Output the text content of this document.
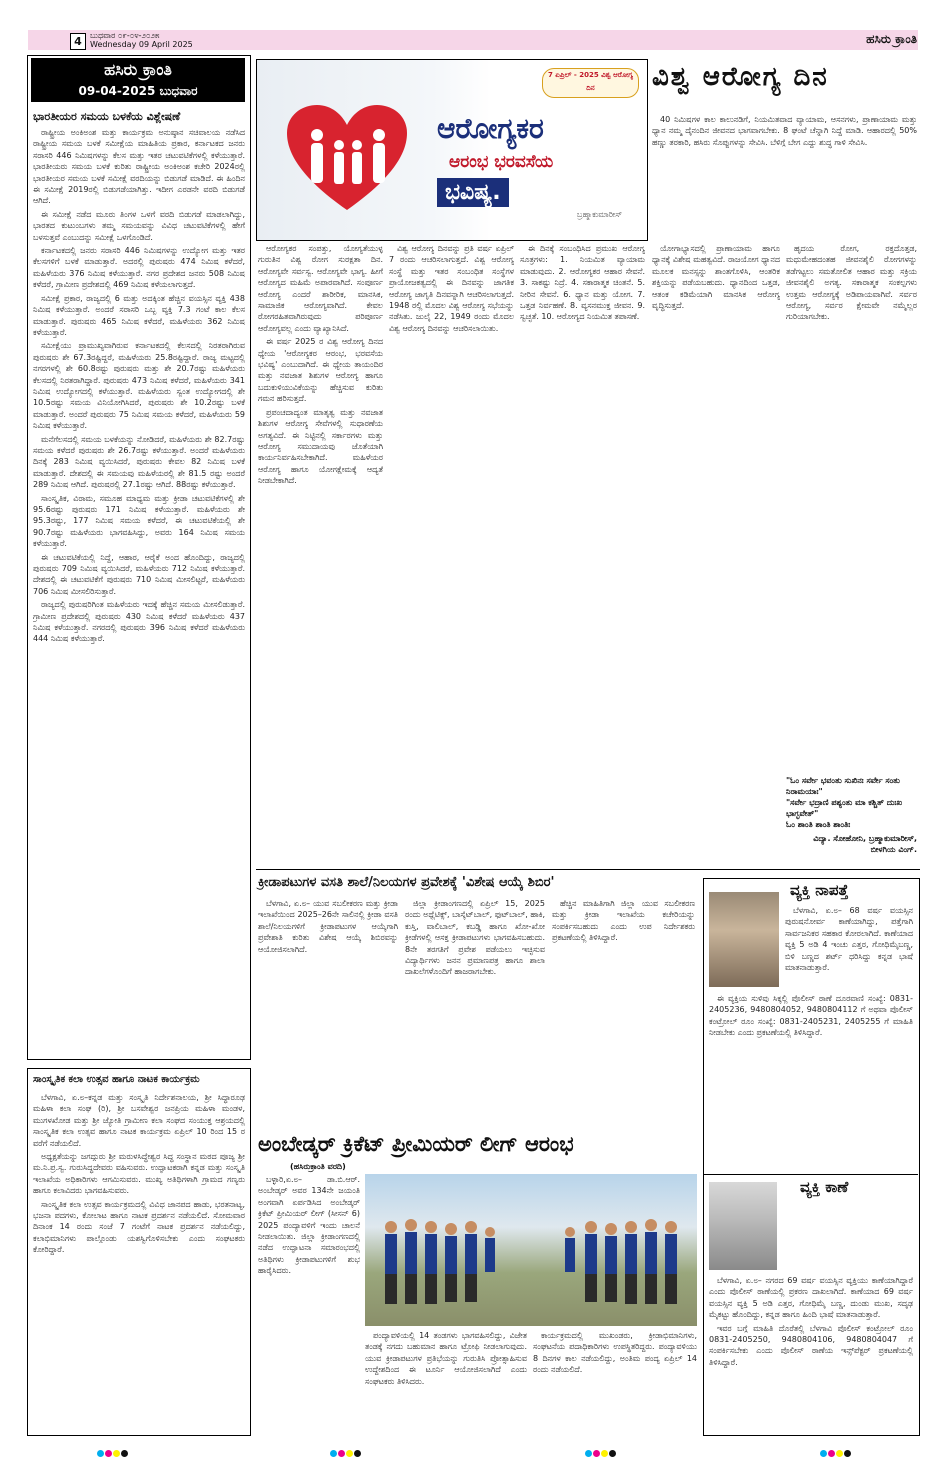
4	ಬುಧವಾರ ೦೯-೦೪-೨೦೨೫
Wednesday 09 April 2025	ಹಸಿರು ಕ್ರಾಂತಿ
ಹಸಿರು ಕ್ರಾಂತಿ
09-04-2025 ಬುಧವಾರ
ಭಾರತೀಯರ ಸಮಯ ಬಳಕೆಯ ವಿಶ್ಲೇಷಣೆ

ರಾಷ್ಟ್ರೀಯ ಅಂಕಿಅಂಶ ಮತ್ತು ಕಾರ್ಯಕ್ರಮ ಅನುಷ್ಠಾನ ಸಚಿವಾಲಯ ನಡೆಸಿದ ರಾಷ್ಟ್ರೀಯ ಸಮಯ ಬಳಕೆ ಸಮೀಕ್ಷೆಯ ಮಾಹಿತಿಯ ಪ್ರಕಾರ, ಕರ್ನಾಟಕದ ಜನರು ಸರಾಸರಿ 446 ನಿಮಿಷಗಳನ್ನು ಕೆಲಸ ಮತ್ತು ಇತರ ಚಟುವಟಿಕೆಗಳಲ್ಲಿ ಕಳೆಯುತ್ತಾರೆ. ಭಾರತೀಯರು ಸಮಯ ಬಳಕೆ ಕುರಿತು ರಾಷ್ಟ್ರೀಯ ಅಂಕಿಅಂಶ ಕಚೇರಿ 2024ರಲ್ಲಿ ಭಾರತೀಯರ ಸಮಯ ಬಳಕೆ ಸಮೀಕ್ಷೆ ವರದಿಯನ್ನು ಬಿಡುಗಡೆ ಮಾಡಿದೆ. ಈ ಹಿಂದಿನ ಈ ಸಮೀಕ್ಷೆ 2019ರಲ್ಲಿ ಬಿಡುಗಡೆಯಾಗಿತ್ತು. ಇದೀಗ ಎರಡನೇ ವರದಿ ಬಿಡುಗಡೆ ಆಗಿದೆ.

ಈ ಸಮೀಕ್ಷೆ ನಡೆದ ಮೂರು ತಿಂಗಳ ಒಳಗೆ ವರದಿ ಬಿಡುಗಡೆ ಮಾಡಲಾಗಿದ್ದು, ಭಾರತದ ಕುಟುಂಬಗಳು ತಮ್ಮ ಸಮಯವನ್ನು ವಿವಿಧ ಚಟುವಟಿಕೆಗಳಲ್ಲಿ ಹೇಗೆ ಬಳಸುತ್ತವೆ ಎಂಬುದನ್ನು ಸಮೀಕ್ಷೆ ಒಳಗೊಂಡಿದೆ.

ಕರ್ನಾಟಕದಲ್ಲಿ ಜನರು ಸರಾಸರಿ 446 ನಿಮಿಷಗಳನ್ನು ಉದ್ಯೋಗ ಮತ್ತು ಇತರ ಕೆಲಸಗಳಿಗೆ ಬಳಕೆ ಮಾಡುತ್ತಾರೆ. ಅದರಲ್ಲಿ ಪುರುಷರು 474 ನಿಮಿಷ ಕಳೆದರೆ, ಮಹಿಳೆಯರು 376 ನಿಮಿಷ ಕಳೆಯುತ್ತಾರೆ. ನಗರ ಪ್ರದೇಶದ ಜನರು 508 ನಿಮಿಷ ಕಳೆದರೆ, ಗ್ರಾಮೀಣ ಪ್ರದೇಶದಲ್ಲಿ 469 ನಿಮಿಷ ಕಳೆಯಲಾಗುತ್ತದೆ.

ಸಮೀಕ್ಷೆ ಪ್ರಕಾರ, ರಾಜ್ಯದಲ್ಲಿ 6 ಮತ್ತು ಅದಕ್ಕಿಂತ ಹೆಚ್ಚಿನ ವಯಸ್ಸಿನ ವ್ಯಕ್ತಿ 438 ನಿಮಿಷ ಕಳೆಯುತ್ತಾರೆ. ಅಂದರೆ ಸರಾಸರಿ ಒಬ್ಬ ವ್ಯಕ್ತಿ 7.3 ಗಂಟೆ ಕಾಲ ಕೆಲಸ ಮಾಡುತ್ತಾರೆ. ಪುರುಷರು 465 ನಿಮಿಷ ಕಳೆದರೆ, ಮಹಿಳೆಯರು 362 ನಿಮಿಷ ಕಳೆಯುತ್ತಾರೆ.

ಸಮೀಕ್ಷೆಯು ಪ್ರಾಮುಖ್ಯವಾಗಿರುವ ಕರ್ನಾಟಕದಲ್ಲಿ ಕೆಲಸದಲ್ಲಿ ನಿರತರಾಗಿರುವ ಪುರುಷರು ಶೇ 67.3ರಷ್ಟಿದ್ದರೆ, ಮಹಿಳೆಯರು 25.8ರಷ್ಟಿದ್ದಾರೆ. ರಾಜ್ಯ ಮಟ್ಟದಲ್ಲಿ ನಗರಗಳಲ್ಲಿ ಶೇ 60.8ರಷ್ಟು ಪುರುಷರು ಮತ್ತು ಶೇ 20.7ರಷ್ಟು ಮಹಿಳೆಯರು ಕೆಲಸದಲ್ಲಿ ನಿರತರಾಗಿದ್ದಾರೆ. ಪುರುಷರು 473 ನಿಮಿಷ ಕಳೆದರೆ, ಮಹಿಳೆಯರು 341 ನಿಮಿಷ ಉದ್ಯೋಗದಲ್ಲಿ ಕಳೆಯುತ್ತಾರೆ. ಮಹಿಳೆಯರು ಸ್ವಂತ ಉದ್ಯೋಗದಲ್ಲಿ ಶೇ 10.5ರಷ್ಟು ಸಮಯ ವಿನಿಯೋಗಿಸಿದರೆ, ಪುರುಷರು ಶೇ 10.2ರಷ್ಟು ಬಳಕೆ ಮಾಡುತ್ತಾರೆ. ಅಂದರೆ ಪುರುಷರು 75 ನಿಮಿಷ ಸಮಯ ಕಳೆದರೆ, ಮಹಿಳೆಯರು 59 ನಿಮಿಷ ಕಳೆಯುತ್ತಾರೆ.

ಮನೆಗೆಲಸದಲ್ಲಿ ಸಮಯ ಬಳಕೆಯನ್ನು ನೋಡಿದರೆ, ಮಹಿಳೆಯರು ಶೇ 82.7ರಷ್ಟು ಸಮಯ ಕಳೆದರೆ ಪುರುಷರು ಶೇ 26.7ರಷ್ಟು ಕಳೆಯುತ್ತಾರೆ. ಅಂದರೆ ಮಹಿಳೆಯರು ದಿನಕ್ಕೆ 283 ನಿಮಿಷ ವ್ಯಯಿಸಿದರೆ, ಪುರುಷರು ಕೇವಲ 82 ನಿಮಿಷ ಬಳಕೆ ಮಾಡುತ್ತಾರೆ. ದೇಶದಲ್ಲಿ ಈ ಸಮಯವು ಮಹಿಳೆಯರಲ್ಲಿ ಶೇ 81.5 ರಷ್ಟು ಅಂದರೆ 289 ನಿಮಿಷ ಆಗಿದೆ. ಪುರುಷರಲ್ಲಿ 27.1ರಷ್ಟು ಆಗಿದೆ. 88ರಷ್ಟು ಕಳೆಯುತ್ತಾರೆ.

ಸಾಂಸ್ಕೃತಿಕ, ವಿರಾಮ, ಸಮೂಹ ಮಾಧ್ಯಮ ಮತ್ತು ಕ್ರೀಡಾ ಚಟುವಟಿಕೆಗಳಲ್ಲಿ ಶೇ 95.6ರಷ್ಟು ಪುರುಷರು 171 ನಿಮಿಷ ಕಳೆಯುತ್ತಾರೆ. ಮಹಿಳೆಯರು ಶೇ 95.3ರಷ್ಟು, 177 ನಿಮಿಷ ಸಮಯ ಕಳೆದರೆ, ಈ ಚಟುವಟಿಕೆಯಲ್ಲಿ ಶೇ 90.7ರಷ್ಟು ಮಹಿಳೆಯರು ಭಾಗವಹಿಸಿದ್ದು, ಅವರು 164 ನಿಮಿಷ ಸಮಯ ಕಳೆಯುತ್ತಾರೆ.

ಈ ಚಟುವಟಿಕೆಯಲ್ಲಿ ನಿದ್ದೆ, ಆಹಾರ, ಆರೈಕೆ ಅಂದ ಹೊಂದಿದ್ದು, ರಾಜ್ಯದಲ್ಲಿ ಪುರುಷರು 709 ನಿಮಿಷ ವ್ಯಯಿಸಿದರೆ, ಮಹಿಳೆಯರು 712 ನಿಮಿಷ ಕಳೆಯುತ್ತಾರೆ. ದೇಶದಲ್ಲಿ ಈ ಚಟುವಟಿಕೆಗೆ ಪುರುಷರು 710 ನಿಮಿಷ ಮೀಸಲಿಟ್ಟರೆ, ಮಹಿಳೆಯರು 706 ನಿಮಿಷ ಮೀಸಲಿರಿಸುತ್ತಾರೆ.

ರಾಜ್ಯದಲ್ಲಿ ಪುರುಷರಿಗಿಂತ ಮಹಿಳೆಯರು ಇದಕ್ಕೆ ಹೆಚ್ಚಿನ ಸಮಯ ಮೀಸಲಿಡುತ್ತಾರೆ. ಗ್ರಾಮೀಣ ಪ್ರದೇಶದಲ್ಲಿ ಪುರುಷರು 430 ನಿಮಿಷ ಕಳೆದರೆ ಮಹಿಳೆಯರು 437 ನಿಮಿಷ ಕಳೆಯುತ್ತಾರೆ. ನಗರದಲ್ಲಿ ಪುರುಷರು 396 ನಿಮಿಷ ಕಳೆದರೆ ಮಹಿಳೆಯರು 444 ನಿಮಿಷ ಕಳೆಯುತ್ತಾರೆ.

ಸಾಂಸ್ಕೃತಿಕ ಕಲಾ ಉತ್ಸವ ಹಾಗೂ ನಾಟಕ ಕಾರ್ಯಕ್ರಮ

ಬೆಳಗಾವಿ, ಏ.೮–ಕನ್ನಡ ಮತ್ತು ಸಂಸ್ಕೃತಿ ನಿರ್ದೇಶನಾಲಯ, ಶ್ರೀ ಸಿದ್ಧಾರೂಢ ಮಹಿಳಾ ಕಲಾ ಸಂಘ (ರಿ), ಶ್ರೀ ಬಸವೇಶ್ವರ ಜನಪ್ರಿಯ ಮಹಿಳಾ ಮಂಡಳ, ಮುಗಳಖೋಡ ಮತ್ತು ಶ್ರೀ ಜ್ಯೋತಿ ಗ್ರಾಮೀಣ ಕಲಾ ಸಂಘದ ಸಂಯುಕ್ತ ಆಶ್ರಯದಲ್ಲಿ ಸಾಂಸ್ಕೃತಿಕ ಕಲಾ ಉತ್ಸವ ಹಾಗೂ ನಾಟಕ ಕಾರ್ಯಕ್ರಮ ಏಪ್ರಿಲ್ 10 ರಿಂದ 15 ರ ವರೆಗೆ ನಡೆಯಲಿದೆ.

ಅಧ್ಯಕ್ಷತೆಯನ್ನು ಜಗದ್ಗುರು ಶ್ರೀ ಮರುಳಸಿದ್ಧೇಶ್ವರ ಸಿದ್ಧ ಸಂಸ್ಥಾನ ಮಠದ ಪೂಜ್ಯ ಶ್ರೀ ಮ.ನಿ.ಪ್ರ.ಸ್ವ. ಗುರುಸಿದ್ಧದೇವರು ವಹಿಸುವರು. ಉದ್ಘಾಟಕರಾಗಿ ಕನ್ನಡ ಮತ್ತು ಸಂಸ್ಕೃತಿ ಇಲಾಖೆಯ ಅಧಿಕಾರಿಗಳು ಆಗಮಿಸುವರು. ಮುಖ್ಯ ಅತಿಥಿಗಳಾಗಿ ಗ್ರಾಮದ ಗಣ್ಯರು ಹಾಗೂ ಕಲಾವಿದರು ಭಾಗವಹಿಸುವರು.

ಸಾಂಸ್ಕೃತಿಕ ಕಲಾ ಉತ್ಸವ ಕಾರ್ಯಕ್ರಮದಲ್ಲಿ ವಿವಿಧ ಜಾನಪದ ಹಾಡು, ಭರತನಾಟ್ಯ, ಭಜನಾ ಪದಗಳು, ಕೋಲಾಟ ಹಾಗೂ ನಾಟಕ ಪ್ರದರ್ಶನ ನಡೆಯಲಿದೆ. ಸೋಮವಾರ ದಿನಾಂಕ 14 ರಂದು ಸಂಜೆ 7 ಗಂಟೆಗೆ ನಾಟಕ ಪ್ರದರ್ಶನ ನಡೆಯಲಿದ್ದು, ಕಲಾಭಿಮಾನಿಗಳು ಪಾಲ್ಗೊಂಡು ಯಶಸ್ವಿಗೊಳಿಸಬೇಕು ಎಂದು ಸಂಘಟಕರು ಕೋರಿದ್ದಾರೆ.

7 ಏಪ್ರಿಲ್ - 2025 ವಿಶ್ವ ಆರೋಗ್ಯ ದಿನ
ಆರೋಗ್ಯಕರ
ಆರಂಭ ಭರವಸೆಯ
ಭವಿಷ್ಯ.
ಬ್ರಹ್ಮಾಕುಮಾರೀಸ್
ವಿಶ್ವ ಆರೋಗ್ಯ ದಿನ

40 ನಿಮಿಷಗಳ ಕಾಲ ಕಾಲುನಡಿಗೆ, ನಿಯಮಿತವಾದ ವ್ಯಾಯಾಮ, ಆಸನಗಳು, ಪ್ರಾಣಾಯಾಮ ಮತ್ತು ಧ್ಯಾನ ನಮ್ಮ ದೈನಂದಿನ ಜೀವನದ ಭಾಗವಾಗಬೇಕು. 8 ಘಂಟೆ ಚೆನ್ನಾಗಿ ನಿದ್ದೆ ಮಾಡಿ. ಆಹಾರದಲ್ಲಿ 50% ಹಣ್ಣು ತರಕಾರಿ, ಹಸಿರು ಸೊಪ್ಪುಗಳನ್ನು ಸೇವಿಸಿ. ಬೆಳಿಗ್ಗೆ ಬೇಗ ಎದ್ದು ಶುದ್ಧ ಗಾಳಿ ಸೇವಿಸಿ.

ಆರೋಗ್ಯಕರ ಸಂಪತ್ತು, ಯೋಗ್ಯತೆಯುಳ್ಳ ಗುರುತಿನ ವಿಶ್ವ ರೋಗ ಸುರಕ್ಷತಾ ದಿನ. ಆರೋಗ್ಯವೇ ಸರ್ವಸ್ವ. ಆರೋಗ್ಯವೇ ಭಾಗ್ಯ. ಹೀಗೆ ಆರೋಗ್ಯದ ಮಹಿಮೆ ಅಪಾರವಾಗಿದೆ. ಸಂಪೂರ್ಣ ಆರೋಗ್ಯ ಎಂದರೆ ಶಾರೀರಿಕ, ಮಾನಸಿಕ, ಸಾಮಾಜಿಕ ಆರೋಗ್ಯವಾಗಿದೆ. ಕೇವಲ ರೋಗರಹಿತವಾಗಿರುವುದು ಪರಿಪೂರ್ಣ ಆರೋಗ್ಯವಲ್ಲ ಎಂದು ವ್ಯಾಖ್ಯಾನಿಸಿದೆ.

ಈ ವರ್ಷ 2025 ರ ವಿಶ್ವ ಆರೋಗ್ಯ ದಿನದ ಧ್ಯೇಯ 'ಆರೋಗ್ಯಕರ ಆರಂಭ, ಭರವಸೆಯ ಭವಿಷ್ಯ' ಎಂಬುದಾಗಿದೆ. ಈ ಧ್ಯೇಯ ತಾಯಂದಿರ ಮತ್ತು ನವಜಾತ ಶಿಶುಗಳ ಆರೋಗ್ಯ ಹಾಗೂ ಬದುಕುಳಿಯುವಿಕೆಯನ್ನು ಹೆಚ್ಚಿಸುವ ಕುರಿತು ಗಮನ ಹರಿಸುತ್ತದೆ.

ಪ್ರಪಂಚದಾದ್ಯಂತ ಮಾತೃತ್ವ ಮತ್ತು ನವಜಾತ ಶಿಶುಗಳ ಆರೋಗ್ಯ ಸೇವೆಗಳಲ್ಲಿ ಸುಧಾರಣೆಯ ಅಗತ್ಯವಿದೆ. ಈ ನಿಟ್ಟಿನಲ್ಲಿ ಸರ್ಕಾರಗಳು ಮತ್ತು ಆರೋಗ್ಯ ಸಮುದಾಯವು ಜೊತೆಯಾಗಿ ಕಾರ್ಯನಿರ್ವಹಿಸಬೇಕಾಗಿದೆ. ಮಹಿಳೆಯರ ಆರೋಗ್ಯ ಹಾಗೂ ಯೋಗಕ್ಷೇಮಕ್ಕೆ ಆದ್ಯತೆ ನೀಡಬೇಕಾಗಿದೆ.

ವಿಶ್ವ ಆರೋಗ್ಯ ದಿನವನ್ನು ಪ್ರತಿ ವರ್ಷ ಏಪ್ರಿಲ್ 7 ರಂದು ಆಚರಿಸಲಾಗುತ್ತದೆ. ವಿಶ್ವ ಆರೋಗ್ಯ ಸಂಸ್ಥೆ ಮತ್ತು ಇತರ ಸಂಬಂಧಿತ ಸಂಸ್ಥೆಗಳ ಪ್ರಾಯೋಜಕತ್ವದಲ್ಲಿ ಈ ದಿನವನ್ನು ಜಾಗತಿಕ ಆರೋಗ್ಯ ಜಾಗೃತಿ ದಿನವನ್ನಾಗಿ ಆಚರಿಸಲಾಗುತ್ತದೆ. 1948 ರಲ್ಲಿ ಮೊದಲ ವಿಶ್ವ ಆರೋಗ್ಯ ಸಭೆಯನ್ನು ನಡೆಸಿತು. ಜುಲೈ 22, 1949 ರಂದು ಮೊದಲ ವಿಶ್ವ ಆರೋಗ್ಯ ದಿನವನ್ನು ಆಚರಿಸಲಾಯಿತು.

ಈ ದಿನಕ್ಕೆ ಸಂಬಂಧಿಸಿದ ಪ್ರಮುಖ ಆರೋಗ್ಯ ಸೂತ್ರಗಳು: 1. ನಿಯಮಿತ ವ್ಯಾಯಾಮ ಮಾಡುವುದು. 2. ಆರೋಗ್ಯಕರ ಆಹಾರ ಸೇವನೆ. 3. ಸಾಕಷ್ಟು ನಿದ್ರೆ. 4. ಸಕಾರಾತ್ಮಕ ಚಿಂತನೆ. 5. ನೀರಿನ ಸೇವನೆ. 6. ಧ್ಯಾನ ಮತ್ತು ಯೋಗ. 7. ಒತ್ತಡ ನಿರ್ವಹಣೆ. 8. ವ್ಯಸನಮುಕ್ತ ಜೀವನ. 9. ಸ್ವಚ್ಛತೆ. 10. ಆರೋಗ್ಯದ ನಿಯಮಿತ ತಪಾಸಣೆ.

ಯೋಗಾಭ್ಯಾಸದಲ್ಲಿ ಪ್ರಾಣಾಯಾಮ ಹಾಗೂ ಧ್ಯಾನಕ್ಕೆ ವಿಶೇಷ ಮಹತ್ವವಿದೆ. ರಾಜಯೋಗ ಧ್ಯಾನದ ಮೂಲಕ ಮನಸ್ಸನ್ನು ಶಾಂತಗೊಳಿಸಿ, ಆಂತರಿಕ ಶಕ್ತಿಯನ್ನು ಪಡೆಯಬಹುದು. ಧ್ಯಾನದಿಂದ ಒತ್ತಡ, ಆತಂಕ ಕಡಿಮೆಯಾಗಿ ಮಾನಸಿಕ ಆರೋಗ್ಯ ವೃದ್ಧಿಸುತ್ತದೆ.

ಹೃದಯ ರೋಗ, ರಕ್ತದೊತ್ತಡ, ಮಧುಮೇಹದಂತಹ ಜೀವನಶೈಲಿ ರೋಗಗಳನ್ನು ತಡೆಗಟ್ಟಲು ಸಮತೋಲಿತ ಆಹಾರ ಮತ್ತು ಸಕ್ರಿಯ ಜೀವನಶೈಲಿ ಅಗತ್ಯ. ಸಕಾರಾತ್ಮಕ ಸಂಕಲ್ಪಗಳು ಉತ್ತಮ ಆರೋಗ್ಯಕ್ಕೆ ಅಡಿಪಾಯವಾಗಿವೆ. ಸರ್ವರ ಆರೋಗ್ಯ, ಸರ್ವರ ಕ್ಷೇಮವೇ ನಮ್ಮೆಲ್ಲರ ಗುರಿಯಾಗಬೇಕು.

"ಓಂ ಸರ್ವೇ ಭವಂತು ಸುಖಿನಃ ಸರ್ವೇ ಸಂತು ನಿರಾಮಯಾಃ"
"ಸರ್ವೇ ಭದ್ರಾಣಿ ಪಶ್ಯಂತು ಮಾ ಕಶ್ಚಿತ್ ದುಃಖ ಭಾಗ್ಭವೇತ್"
ಓಂ ಶಾಂತಿ ಶಾಂತಿ ಶಾಂತಿಃ
ವಿದ್ಯಾ. ಸೋಹೋನಿ, ಬ್ರಹ್ಮಾಕುಮಾರೀಸ್, ಬೀಳಗಿಯ ವಿಂಗ್.
ಕ್ರೀಡಾಪಟುಗಳ ವಸತಿ ಶಾಲೆ/ನಿಲಯಗಳ ಪ್ರವೇಶಕ್ಕೆ 'ವಿಶೇಷ ಆಯ್ಕೆ ಶಿಬಿರ'

ಬೆಳಗಾವಿ, ಏ.೮– ಯುವ ಸಬಲೀಕರಣ ಮತ್ತು ಕ್ರೀಡಾ ಇಲಾಖೆಯಿಂದ 2025–26ನೇ ಸಾಲಿನಲ್ಲಿ ಕ್ರೀಡಾ ವಸತಿ ಶಾಲೆ/ನಿಲಯಗಳಿಗೆ ಕ್ರೀಡಾಪಟುಗಳ ಆಯ್ಕೆಗಾಗಿ ಪ್ರವೇಶಾತಿ ಕುರಿತು ವಿಶೇಷ ಆಯ್ಕೆ ಶಿಬಿರವನ್ನು ಆಯೋಜಿಸಲಾಗಿದೆ.

ಜಿಲ್ಲಾ ಕ್ರೀಡಾಂಗಣದಲ್ಲಿ ಏಪ್ರಿಲ್ 15, 2025 ರಂದು ಅಥ್ಲೆಟಿಕ್ಸ್, ಬಾಸ್ಕೆಟ್‌ಬಾಲ್, ಫುಟ್‌ಬಾಲ್, ಹಾಕಿ, ಕುಸ್ತಿ, ವಾಲಿಬಾಲ್, ಕಬಡ್ಡಿ ಹಾಗೂ ಖೋ-ಖೋ ಕ್ರೀಡೆಗಳಲ್ಲಿ ಆಸಕ್ತ ಕ್ರೀಡಾಪಟುಗಳು ಭಾಗವಹಿಸಬಹುದು. 8ನೇ ತರಗತಿಗೆ ಪ್ರವೇಶ ಪಡೆಯಲು ಇಚ್ಛಿಸುವ ವಿದ್ಯಾರ್ಥಿಗಳು ಜನನ ಪ್ರಮಾಣಪತ್ರ ಹಾಗೂ ಶಾಲಾ ದಾಖಲೆಗಳೊಂದಿಗೆ ಹಾಜರಾಗಬೇಕು.

ಹೆಚ್ಚಿನ ಮಾಹಿತಿಗಾಗಿ ಜಿಲ್ಲಾ ಯುವ ಸಬಲೀಕರಣ ಮತ್ತು ಕ್ರೀಡಾ ಇಲಾಖೆಯ ಕಚೇರಿಯನ್ನು ಸಂಪರ್ಕಿಸಬಹುದು ಎಂದು ಉಪ ನಿರ್ದೇಶಕರು ಪ್ರಕಟಣೆಯಲ್ಲಿ ತಿಳಿಸಿದ್ದಾರೆ.

ಅಂಬೇಡ್ಕರ್ ಕ್ರಿಕೆಟ್ ಪ್ರೀಮಿಯರ್ ಲೀಗ್ ಆರಂಭ
(ಹಸಿರುಕ್ರಾಂತಿ ವರದಿ)

ಬಳ್ಳಾರಿ,ಏ.೮– ಡಾ.ಬಿ.ಆರ್. ಅಂಬೇಡ್ಕರ್ ಅವರ 134ನೇ ಜಯಂತಿ ಅಂಗವಾಗಿ ಏರ್ಪಡಿಸಿದ ಅಂಬೇಡ್ಕರ್ ಕ್ರಿಕೆಟ್ ಪ್ರೀಮಿಯರ್ ಲೀಗ್ (ಸೀಸನ್ 6) 2025 ಪಂದ್ಯಾವಳಿಗೆ ಇಂದು ಚಾಲನೆ ನೀಡಲಾಯಿತು. ಜಿಲ್ಲಾ ಕ್ರೀಡಾಂಗಣದಲ್ಲಿ ನಡೆದ ಉದ್ಘಾಟನಾ ಸಮಾರಂಭದಲ್ಲಿ ಅತಿಥಿಗಳು ಕ್ರೀಡಾಪಟುಗಳಿಗೆ ಶುಭ ಹಾರೈಸಿದರು.

ಪಂದ್ಯಾವಳಿಯಲ್ಲಿ 14 ತಂಡಗಳು ಭಾಗವಹಿಸಲಿದ್ದು, ವಿಜೇತ ತಂಡಕ್ಕೆ ನಗದು ಬಹುಮಾನ ಹಾಗೂ ಟ್ರೋಫಿ ನೀಡಲಾಗುವುದು. ಯುವ ಕ್ರೀಡಾಪಟುಗಳ ಪ್ರತಿಭೆಯನ್ನು ಗುರುತಿಸಿ ಪ್ರೋತ್ಸಾಹಿಸುವ ಉದ್ದೇಶದಿಂದ ಈ ಟೂರ್ನಿ ಆಯೋಜಿಸಲಾಗಿದೆ ಎಂದು ಸಂಘಟಕರು ತಿಳಿಸಿದರು.

ಕಾರ್ಯಕ್ರಮದಲ್ಲಿ ಮುಖಂಡರು, ಕ್ರೀಡಾಭಿಮಾನಿಗಳು, ಸಂಘಟನೆಯ ಪದಾಧಿಕಾರಿಗಳು ಉಪಸ್ಥಿತರಿದ್ದರು. ಪಂದ್ಯಾವಳಿಯು 8 ದಿನಗಳ ಕಾಲ ನಡೆಯಲಿದ್ದು, ಅಂತಿಮ ಪಂದ್ಯ ಏಪ್ರಿಲ್ 14 ರಂದು ನಡೆಯಲಿದೆ.

ವ್ಯಕ್ತಿ ನಾಪತ್ತೆ

ಬೆಳಗಾವಿ, ಏ.೮– 68 ವರ್ಷ ವಯಸ್ಸಿನ ಪುರುಷನೋರ್ವ ಕಾಣೆಯಾಗಿದ್ದು, ಪತ್ತೆಗಾಗಿ ಸಾರ್ವಜನಿಕರ ಸಹಕಾರ ಕೋರಲಾಗಿದೆ. ಕಾಣೆಯಾದ ವ್ಯಕ್ತಿ 5 ಅಡಿ 4 ಇಂಚು ಎತ್ತರ, ಗೋಧಿಮೈಬಣ್ಣ, ಬಿಳಿ ಬಣ್ಣದ ಶರ್ಟ್ ಧರಿಸಿದ್ದು ಕನ್ನಡ ಭಾಷೆ ಮಾತನಾಡುತ್ತಾರೆ.

ಈ ವ್ಯಕ್ತಿಯ ಸುಳಿವು ಸಿಕ್ಕಲ್ಲಿ ಪೊಲೀಸ್ ಠಾಣೆ ದೂರವಾಣಿ ಸಂಖ್ಯೆ: 0831-2405236, 9480804052, 9480804112 ಗೆ ಅಥವಾ ಪೊಲೀಸ್ ಕಂಟ್ರೋಲ್ ರೂಂ ಸಂಖ್ಯೆ: 0831-2405231, 2405255 ಗೆ ಮಾಹಿತಿ ನೀಡಬೇಕು ಎಂದು ಪ್ರಕಟಣೆಯಲ್ಲಿ ತಿಳಿಸಿದ್ದಾರೆ.

ವ್ಯಕ್ತಿ ಕಾಣೆ

ಬೆಳಗಾವಿ, ಏ.೮– ನಗರದ 69 ವರ್ಷ ವಯಸ್ಸಿನ ವ್ಯಕ್ತಿಯು ಕಾಣೆಯಾಗಿದ್ದಾರೆ ಎಂದು ಪೊಲೀಸ್ ಠಾಣೆಯಲ್ಲಿ ಪ್ರಕರಣ ದಾಖಲಾಗಿದೆ. ಕಾಣೆಯಾದ 69 ವರ್ಷ ವಯಸ್ಸಿನ ವ್ಯಕ್ತಿ 5 ಅಡಿ ಎತ್ತರ, ಗೋಧಿಮೈ ಬಣ್ಣ, ದುಂಡು ಮುಖ, ಸದೃಢ ಮೈಕಟ್ಟು ಹೊಂದಿದ್ದು, ಕನ್ನಡ ಹಾಗೂ ಹಿಂದಿ ಭಾಷೆ ಮಾತನಾಡುತ್ತಾರೆ.

ಇವರ ಬಗ್ಗೆ ಮಾಹಿತಿ ದೊರೆತಲ್ಲಿ ಬೆಳಗಾವಿ ಪೊಲೀಸ್ ಕಂಟ್ರೋಲ್ ರೂಂ 0831-2405250, 9480804106, 9480804047 ಗೆ ಸಂಪರ್ಕಿಸಬೇಕು ಎಂದು ಪೊಲೀಸ್ ಠಾಣೆಯ ಇನ್ಸ್‌ಪೆಕ್ಟರ್ ಪ್ರಕಟಣೆಯಲ್ಲಿ ತಿಳಿಸಿದ್ದಾರೆ.
